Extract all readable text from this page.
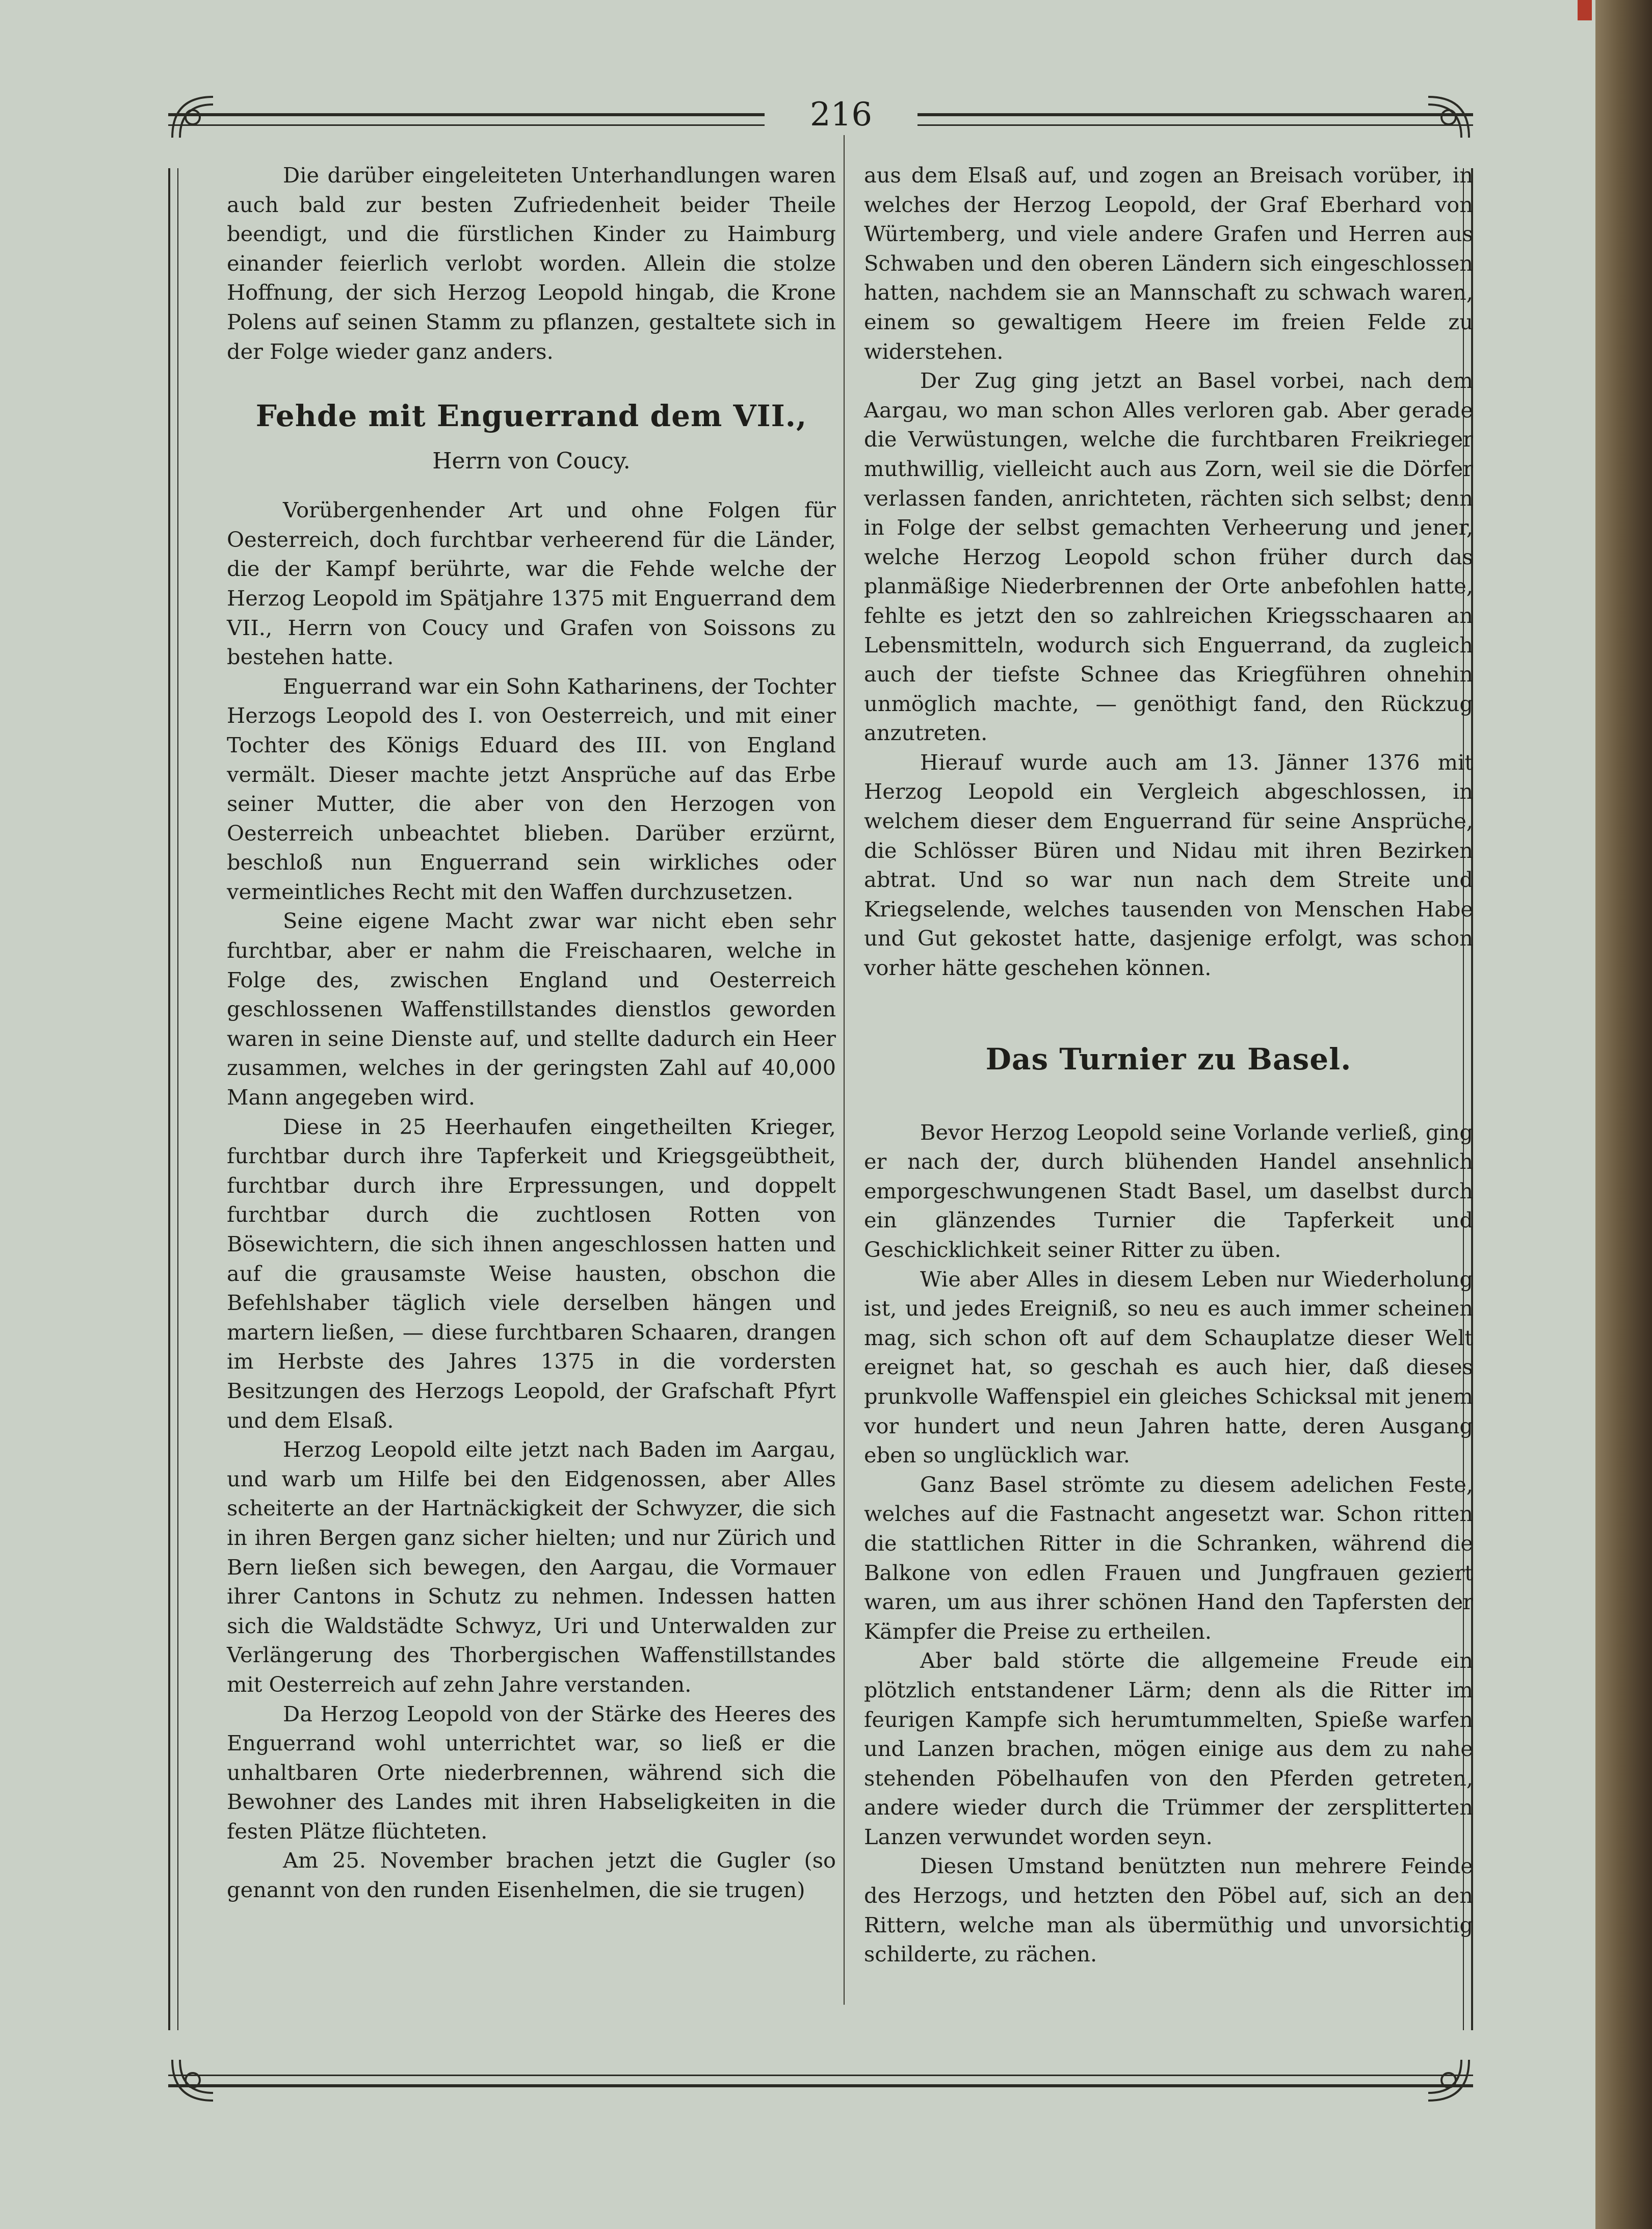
216

Die darüber eingeleiteten Unterhandlungen waren auch bald zur besten Zufriedenheit beider Theile beendigt, und die fürstlichen Kinder zu Haimburg einander feierlich verlobt worden. Allein die stolze Hoffnung, der sich Herzog Leopold hingab, die Krone Polens auf seinen Stamm zu pflanzen, gestaltete sich in der Folge wieder ganz anders.

Fehde mit Enguerrand dem VII.,
Herrn von Coucy.

Vorübergenhender Art und ohne Folgen für Oesterreich, doch furchtbar verheerend für die Länder, die der Kampf berührte, war die Fehde welche der Herzog Leopold im Spätjahre 1375 mit Enguerrand dem VII., Herrn von Coucy und Grafen von Soissons zu bestehen hatte.

Enguerrand war ein Sohn Katharinens, der Tochter Herzogs Leopold des I. von Oesterreich, und mit einer Tochter des Königs Eduard des III. von England vermält. Dieser machte jetzt Ansprüche auf das Erbe seiner Mutter, die aber von den Herzogen von Oesterreich unbeachtet blieben. Darüber erzürnt, beschloß nun Enguerrand sein wirkliches oder vermeintliches Recht mit den Waffen durchzusetzen.

Seine eigene Macht zwar war nicht eben sehr furchtbar, aber er nahm die Freischaaren, welche in Folge des, zwischen England und Oesterreich geschlossenen Waffenstillstandes dienstlos geworden waren in seine Dienste auf, und stellte dadurch ein Heer zusammen, welches in der geringsten Zahl auf 40,000 Mann angegeben wird.

Diese in 25 Heerhaufen eingetheilten Krieger, furchtbar durch ihre Tapferkeit und Kriegsgeübtheit, furchtbar durch ihre Erpressungen, und doppelt furchtbar durch die zuchtlosen Rotten von Bösewichtern, die sich ihnen angeschlossen hatten und auf die grausamste Weise hausten, obschon die Befehlshaber täglich viele derselben hängen und martern ließen, — diese furchtbaren Schaaren, drangen im Herbste des Jahres 1375 in die vordersten Besitzungen des Herzogs Leopold, der Grafschaft Pfyrt und dem Elsaß.

Herzog Leopold eilte jetzt nach Baden im Aargau, und warb um Hilfe bei den Eidgenossen, aber Alles scheiterte an der Hartnäckigkeit der Schwyzer, die sich in ihren Bergen ganz sicher hielten; und nur Zürich und Bern ließen sich bewegen, den Aargau, die Vormauer ihrer Cantons in Schutz zu nehmen. Indessen hatten sich die Waldstädte Schwyz, Uri und Unterwalden zur Verlängerung des Thorbergischen Waffenstillstandes mit Oesterreich auf zehn Jahre verstanden.

Da Herzog Leopold von der Stärke des Heeres des Enguerrand wohl unterrichtet war, so ließ er die unhaltbaren Orte niederbrennen, während sich die Bewohner des Landes mit ihren Habseligkeiten in die festen Plätze flüchteten.

Am 25. November brachen jetzt die Gugler (so genannt von den runden Eisenhelmen, die sie trugen)

aus dem Elsaß auf, und zogen an Breisach vorüber, in welches der Herzog Leopold, der Graf Eberhard von Würtemberg, und viele andere Grafen und Herren aus Schwaben und den oberen Ländern sich eingeschlossen hatten, nachdem sie an Mannschaft zu schwach waren, einem so gewaltigem Heere im freien Felde zu widerstehen.

Der Zug ging jetzt an Basel vorbei, nach dem Aargau, wo man schon Alles verloren gab. Aber gerade die Verwüstungen, welche die furchtbaren Freikrieger muthwillig, vielleicht auch aus Zorn, weil sie die Dörfer verlassen fanden, anrichteten, rächten sich selbst; denn in Folge der selbst gemachten Verheerung und jener, welche Herzog Leopold schon früher durch das planmäßige Niederbrennen der Orte anbefohlen hatte, fehlte es jetzt den so zahlreichen Kriegsschaaren an Lebensmitteln, wodurch sich Enguerrand, da zugleich auch der tiefste Schnee das Kriegführen ohnehin unmöglich machte, — genöthigt fand, den Rückzug anzutreten.

Hierauf wurde auch am 13. Jänner 1376 mit Herzog Leopold ein Vergleich abgeschlossen, in welchem dieser dem Enguerrand für seine Ansprüche, die Schlösser Büren und Nidau mit ihren Bezirken abtrat. Und so war nun nach dem Streite und Kriegselende, welches tausenden von Menschen Habe und Gut gekostet hatte, dasjenige erfolgt, was schon vorher hätte geschehen können.

Das Turnier zu Basel.

Bevor Herzog Leopold seine Vorlande verließ, ging er nach der, durch blühenden Handel ansehnlich emporgeschwungenen Stadt Basel, um daselbst durch ein glänzendes Turnier die Tapferkeit und Geschicklichkeit seiner Ritter zu üben.

Wie aber Alles in diesem Leben nur Wiederholung ist, und jedes Ereigniß, so neu es auch immer scheinen mag, sich schon oft auf dem Schauplatze dieser Welt ereignet hat, so geschah es auch hier, daß dieses prunkvolle Waffenspiel ein gleiches Schicksal mit jenem vor hundert und neun Jahren hatte, deren Ausgang eben so unglücklich war.

Ganz Basel strömte zu diesem adelichen Feste, welches auf die Fastnacht angesetzt war. Schon ritten die stattlichen Ritter in die Schranken, während die Balkone von edlen Frauen und Jungfrauen geziert waren, um aus ihrer schönen Hand den Tapfersten der Kämpfer die Preise zu ertheilen.

Aber bald störte die allgemeine Freude ein plötzlich entstandener Lärm; denn als die Ritter im feurigen Kampfe sich herumtummelten, Spieße warfen und Lanzen brachen, mögen einige aus dem zu nahe stehenden Pöbelhaufen von den Pferden getreten, andere wieder durch die Trümmer der zersplitterten Lanzen verwundet worden seyn.

Diesen Umstand benützten nun mehrere Feinde des Herzogs, und hetzten den Pöbel auf, sich an den Rittern, welche man als übermüthig und unvorsichtig schilderte, zu rächen.
